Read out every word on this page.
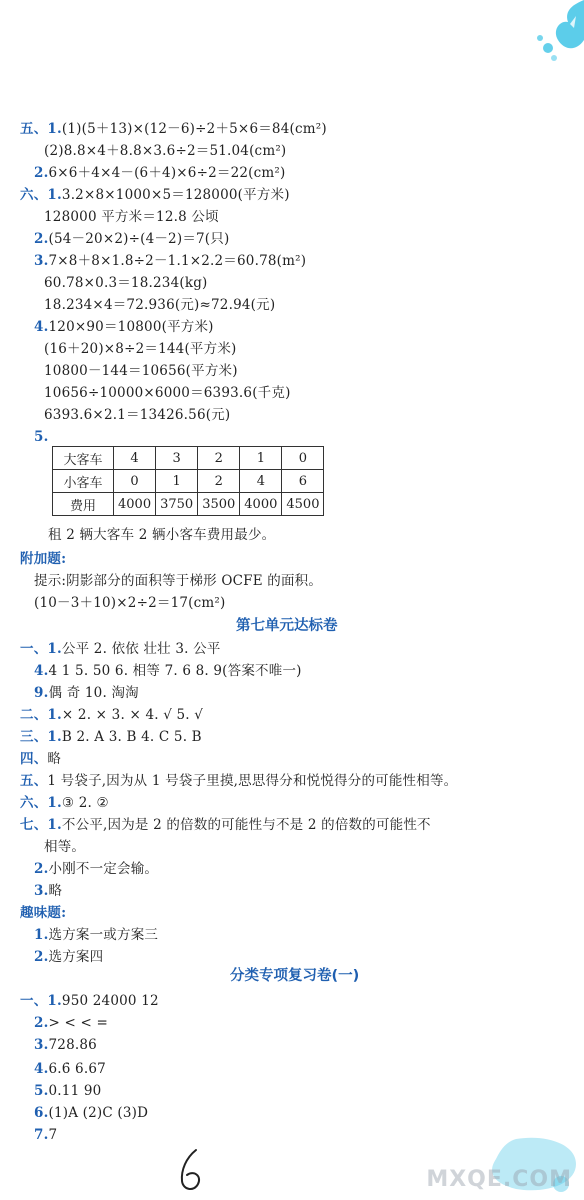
五、1.(1)(5＋13)×(12－6)÷2＋5×6＝84(cm²)
(2)8.8×4＋8.8×3.6÷2＝51.04(cm²)
2.6×6＋4×4－(6＋4)×6÷2＝22(cm²)
六、1.3.2×8×1000×5＝128000(平方米)
128000 平方米＝12.8 公顷
2.(54－20×2)÷(4－2)＝7(只)
3.7×8＋8×1.8÷2－1.1×2.2＝60.78(m²)
60.78×0.3＝18.234(kg)
18.234×4＝72.936(元)≈72.94(元)
4.120×90＝10800(平方米)
(16＋20)×8÷2＝144(平方米)
10800－144＝10656(平方米)
10656÷10000×6000＝6393.6(千克)
6393.6×2.1＝13426.56(元)
5.
租 2 辆大客车 2 辆小客车费用最少。
附加题:
提示:阴影部分的面积等于梯形 OCFE 的面积。
(10－3＋10)×2÷2＝17(cm²)
一、1.公平 2. 依依 壮壮 3. 公平
4.4 1 5. 50 6. 相等 7. 6 8. 9(答案不唯一)
9.偶 奇 10. 淘淘
二、1.× 2. × 3. × 4. √ 5. √
三、1.B 2. A 3. B 4. C 5. B
四、略
五、1 号袋子,因为从 1 号袋子里摸,思思得分和悦悦得分的可能性相等。
六、1.③ 2. ②
七、1.不公平,因为是 2 的倍数的可能性与不是 2 的倍数的可能性不
相等。
2.小刚不一定会输。
3.略
趣味题:
1.选方案一或方案三
2.选方案四
一、1.950 24000 12
2.> < < =
3.728.86
4.6.6̇ 6.67
5.0.11 90
6.(1)A (2)C (3)D
7.7
第七单元达标卷
分类专项复习卷(一)
大客车	4	3	2	1	0
小客车	0	1	2	4	6
费用	4000	3750	3500	4000	4500
MXQE.COM
